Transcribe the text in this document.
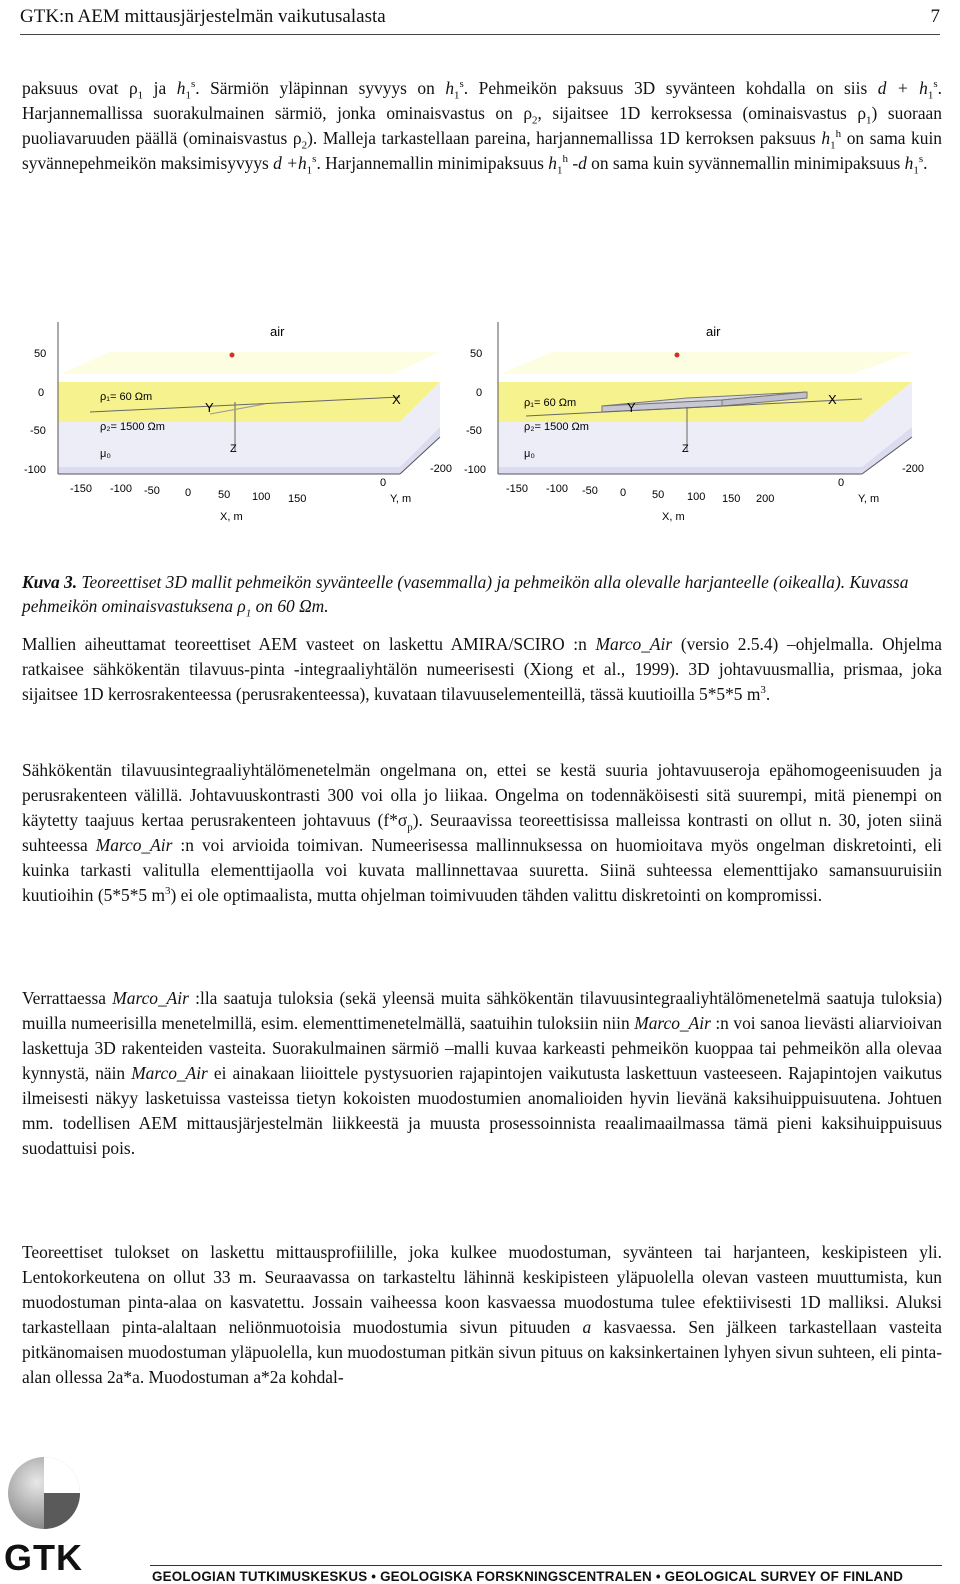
GTK:n AEM mittausjärjestelmän vaikutusalasta	7

paksuus ovat $\rho_1$ ja $h_1^s$. Särmiön yläpinnan syvyys on $h_1^s$. Pehmeikön paksuus 3D syvänteen kohdalla on siis $d + h_1^s$. Harjannemallissa suorakulmainen särmiö, jonka ominaisvastus on $\rho_2$, sijaitsee 1D kerroksessa (ominaisvastus $\rho_1$) suoraan puoliavaruuden päällä (ominaisvastus $\rho_2$). Malleja tarkastellaan pareina, harjannemallissa 1D kerroksen paksuus $h_1^h$ on sama kuin syvännepehmeikön maksimisyvyys $d +h_1^s$. Harjannemallin minimipaksuus $h_1^h$ -d on sama kuin syvännemallin minimipaksuus $h_1^s$.

air
50
0
-50
-100
ρ₁= 60 Ωm
ρ₂= 1500 Ωm
μ₀
Y
X
Z
-150 -100 -50 0 50 100 150
-200
0
X, m
Y, m
air
50
0
-50
-100
ρ₁= 60 Ωm
ρ₂= 1500 Ωm
μ₀
Y
X
Z
-150 -100 -50 0 50 100 150 200
-200
0
X, m
Y, m

Kuva 3. Teoreettiset 3D mallit pehmeikön syvänteelle (vasemmalla) ja pehmeikön alla olevalle harjanteelle (oikealla). Kuvassa pehmeikön ominaisvastuksena $\rho_1$ on 60 Ωm.

Mallien aiheuttamat teoreettiset AEM vasteet on laskettu AMIRA/SCIRO :n Marco_Air (versio 2.5.4) –ohjelmalla. Ohjelma ratkaisee sähkökentän tilavuus-pinta -integraaliyhtälön numeerisesti (Xiong et al., 1999). 3D johtavuusmallia, prismaa, joka sijaitsee 1D kerrosrakenteessa (perusrakenteessa), kuvataan tilavuuselementeillä, tässä kuutioilla 5*5*5 $m^3$.

Sähkökentän tilavuusintegraaliyhtälömenetelmän ongelmana on, ettei se kestä suuria johtavuuseroja epähomogeenisuuden ja perusrakenteen välillä. Johtavuuskontrasti 300 voi olla jo liikaa. Ongelma on todennäköisesti sitä suurempi, mitä pienempi on käytetty taajuus kertaa perusrakenteen johtavuus $(f*\sigma_p)$. Seuraavissa teoreettisissa malleissa kontrasti on ollut n. 30, joten siinä suhteessa Marco_Air :n voi arvioida toimivan. Numeerisessa mallinnuksessa on huomioitava myös ongelman diskretointi, eli kuinka tarkasti valitulla elementtijaolla voi kuvata mallinnettavaa suuretta. Siinä suhteessa elementtijako samansuuruisiin kuutioihin (5*5*5 $m^3$) ei ole optimaalista, mutta ohjelman toimivuuden tähden valittu diskretointi on kompromissi.

Verrattaessa Marco_Air :lla saatuja tuloksia (sekä yleensä muita sähkökentän tilavuusintegraaliyhtälömenetelmä saatuja tuloksia) muilla numeerisilla menetelmillä, esim. elementtimenetelmällä, saatuihin tuloksiin niin Marco_Air :n voi sanoa lievästi aliarvioivan laskettuja 3D rakenteiden vasteita. Suorakulmainen särmiö –malli kuvaa karkeasti pehmeikön kuoppaa tai pehmeikön alla olevaa kynnystä, näin Marco_Air ei ainakaan liioittele pystysuorien rajapintojen vaikutusta laskettuun vasteeseen. Rajapintojen vaikutus ilmeisesti näkyy lasketuissa vasteissa tietyn kokoisten muodostumien anomalioiden hyvin lievänä kaksihuippuisuutena. Johtuen mm. todellisen AEM mittausjärjestelmän liikkeestä ja muusta prosessoinnista reaalimaailmassa tämä pieni kaksihuippuisuus suodattuisi pois.

Teoreettiset tulokset on laskettu mittausprofiilille, joka kulkee muodostuman, syvänteen tai harjanteen, keskipisteen yli. Lentokorkeutena on ollut 33 m. Seuraavassa on tarkasteltu lähinnä keskipisteen yläpuolella olevan vasteen muuttumista, kun muodostuman pinta-alaa on kasvatettu. Jossain vaiheessa koon kasvaessa muodostuma tulee efektiivisesti 1D malliksi. Aluksi tarkastellaan pinta-alaltaan neliönmuotoisia muodostumia sivun pituuden a kasvaessa. Sen jälkeen tarkastellaan vasteita pitkänomaisen muodostuman yläpuolella, kun muodostuman pitkän sivun pituus on kaksinkertainen lyhyen sivun suhteen, eli pinta-alan ollessa 2a*a. Muodostuman a*2a kohdal-

GTK	GEOLOGIAN TUTKIMUSKESKUS • GEOLOGISKA FORSKNINGSCENTRALEN • GEOLOGICAL SURVEY OF FINLAND
